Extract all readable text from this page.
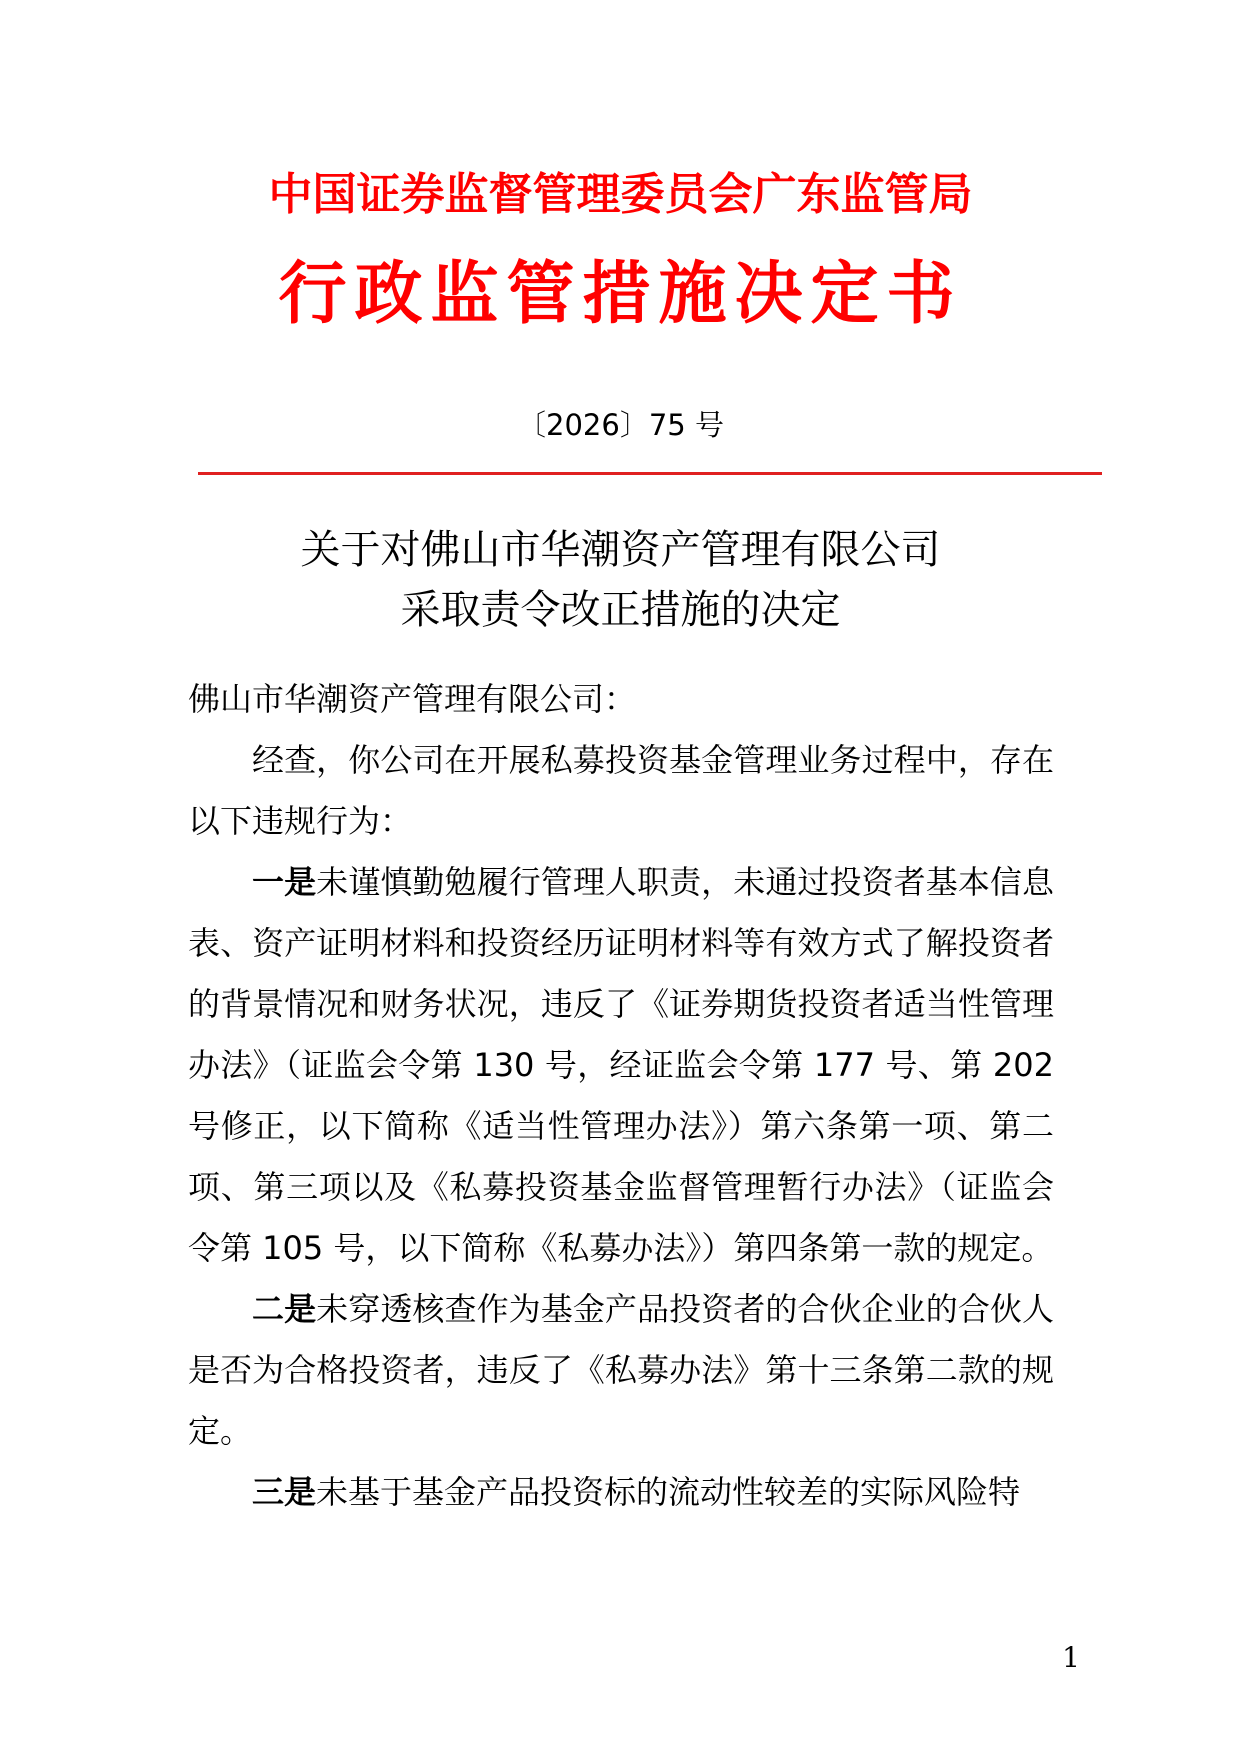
中国证券监督管理委员会广东监管局
行政监管措施决定书
〔2026〕75 号
关于对佛山市华潮资产管理有限公司
采取责令改正措施的决定

佛山市华潮资产管理有限公司：

经查，你公司在开展私募投资基金管理业务过程中，存在以下违规行为：

一是未谨慎勤勉履行管理人职责，未通过投资者基本信息表、资产证明材料和投资经历证明材料等有效方式了解投资者的背景情况和财务状况，违反了《证券期货投资者适当性管理办法》（证监会令第 130 号，经证监会令第 177 号、第 202 号修正，以下简称《适当性管理办法》）第六条第一项、第二项、第三项以及《私募投资基金监督管理暂行办法》（证监会令第 105 号，以下简称《私募办法》）第四条第一款的规定。

二是未穿透核查作为基金产品投资者的合伙企业的合伙人是否为合格投资者，违反了《私募办法》第十三条第二款的规定。

三是未基于基金产品投资标的流动性较差的实际风险特

1
